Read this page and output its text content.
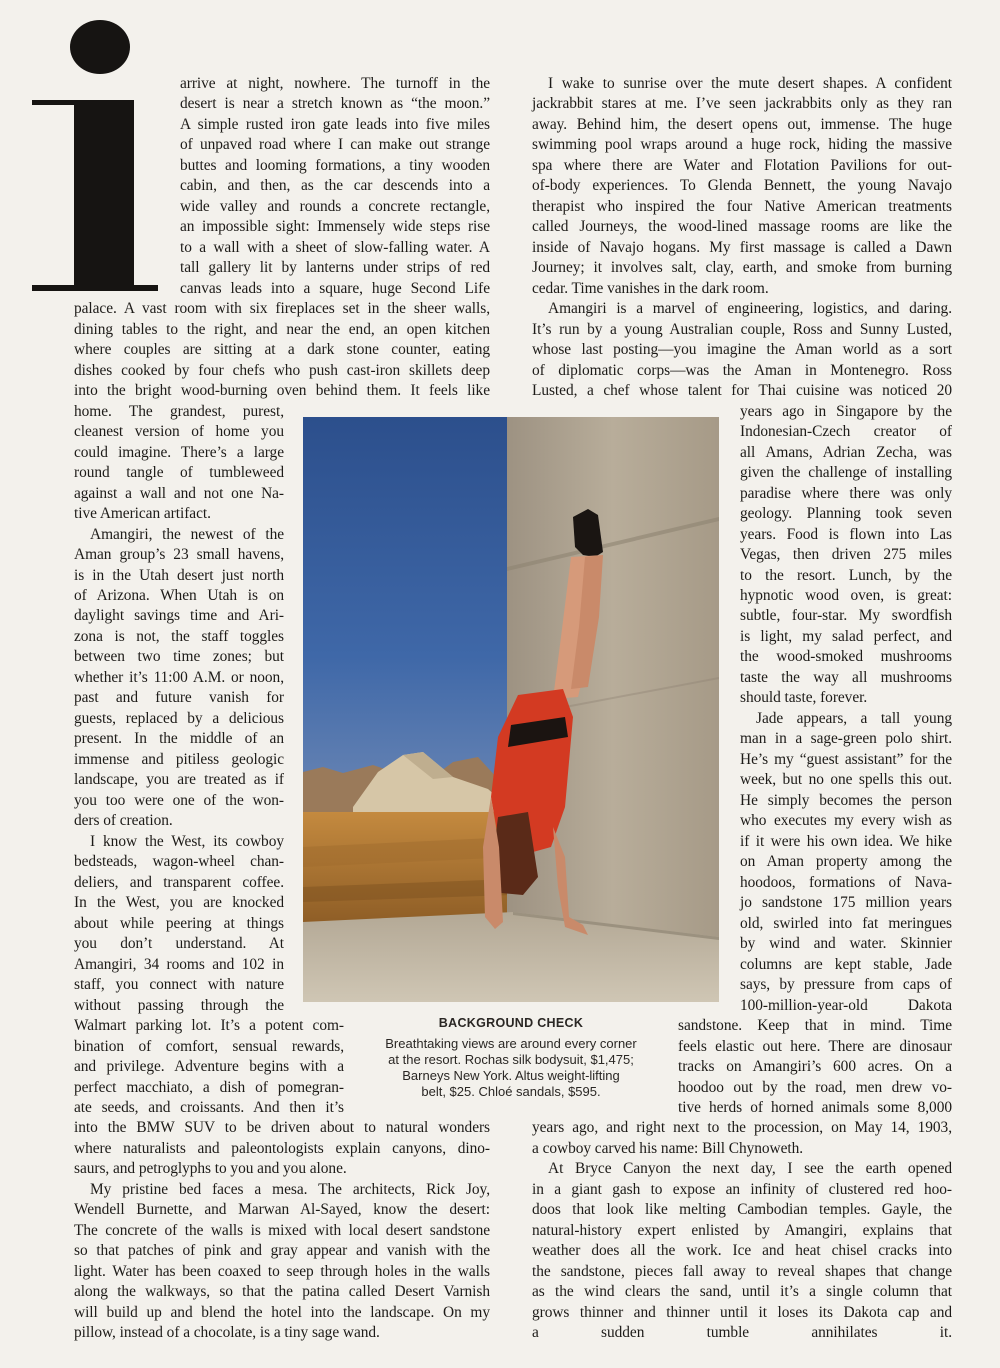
arrive at night, nowhere. The turnoff in the
desert is near a stretch known as “the moon.”
A simple rusted iron gate leads into five miles
of unpaved road where I can make out strange
buttes and looming formations, a tiny wooden
cabin, and then, as the car descends into a
wide valley and rounds a concrete rectangle,
an impossible sight: Immensely wide steps rise
to a wall with a sheet of slow-falling water. A
tall gallery lit by lanterns under strips of red
canvas leads into a square, huge Second Life
palace. A vast room with six fireplaces set in the sheer walls,
dining tables to the right, and near the end, an open kitchen
where couples are sitting at a dark stone counter, eating
dishes cooked by four chefs who push cast-iron skillets deep
into the bright wood-burning oven behind them. It feels like
home. The grandest, purest,
cleanest version of home you
could imagine. There’s a large
round tangle of tumbleweed
against a wall and not one Na-
tive American artifact.
Amangiri, the newest of the
Aman group’s 23 small havens,
is in the Utah desert just north
of Arizona. When Utah is on
daylight savings time and Ari-
zona is not, the staff toggles
between two time zones; but
whether it’s 11:00 A.M. or noon,
past and future vanish for
guests, replaced by a delicious
present. In the middle of an
immense and pitiless geologic
landscape, you are treated as if
you too were one of the won-
ders of creation.
I know the West, its cowboy
bedsteads, wagon-wheel chan-
deliers, and transparent coffee.
In the West, you are knocked
about while peering at things
you don’t understand. At
Amangiri, 34 rooms and 102 in
staff, you connect with nature
without passing through the
Walmart parking lot. It’s a potent com-
bination of comfort, sensual rewards,
and privilege. Adventure begins with a
perfect macchiato, a dish of pomegran-
ate seeds, and croissants. And then it’s
into the BMW SUV to be driven about to natural wonders
where naturalists and paleontologists explain canyons, dino-
saurs, and petroglyphs to you and you alone.
My pristine bed faces a mesa. The architects, Rick Joy,
Wendell Burnette, and Marwan Al-Sayed, know the desert:
The concrete of the walls is mixed with local desert sandstone
so that patches of pink and gray appear and vanish with the
light. Water has been coaxed to seep through holes in the walls
along the walkways, so that the patina called Desert Varnish
will build up and blend the hotel into the landscape. On my
pillow, instead of a chocolate, is a tiny sage wand.
I wake to sunrise over the mute desert shapes. A confident
jackrabbit stares at me. I’ve seen jackrabbits only as they ran
away. Behind him, the desert opens out, immense. The huge
swimming pool wraps around a huge rock, hiding the massive
spa where there are Water and Flotation Pavilions for out-
of-body experiences. To Glenda Bennett, the young Navajo
therapist who inspired the four Native American treatments
called Journeys, the wood-lined massage rooms are like the
inside of Navajo hogans. My first massage is called a Dawn
Journey; it involves salt, clay, earth, and smoke from burning
cedar. Time vanishes in the dark room.
Amangiri is a marvel of engineering, logistics, and daring.
It’s run by a young Australian couple, Ross and Sunny Lusted,
whose last posting—you imagine the Aman world as a sort
of diplomatic corps—was the Aman in Montenegro. Ross
Lusted, a chef whose talent for Thai cuisine was noticed 20
years ago in Singapore by the
Indonesian-Czech creator of
all Amans, Adrian Zecha, was
given the challenge of installing
paradise where there was only
geology. Planning took seven
years. Food is flown into Las
Vegas, then driven 275 miles
to the resort. Lunch, by the
hypnotic wood oven, is great:
subtle, four-star. My swordfish
is light, my salad perfect, and
the wood-smoked mushrooms
taste the way all mushrooms
should taste, forever.
Jade appears, a tall young
man in a sage-green polo shirt.
He’s my “guest assistant” for the
week, but no one spells this out.
He simply becomes the person
who executes my every wish as
if it were his own idea. We hike
on Aman property among the
hoodoos, formations of Nava-
jo sandstone 175 million years
old, swirled into fat meringues
by wind and water. Skinnier
columns are kept stable, Jade
says, by pressure from caps of
100-million-year-old Dakota
sandstone. Keep that in mind. Time
feels elastic out here. There are dinosaur
tracks on Amangiri’s 600 acres. On a
hoodoo out by the road, men drew vo-
tive herds of horned animals some 8,000
years ago, and right next to the procession, on May 14, 1903,
a cowboy carved his name: Bill Chynoweth.
At Bryce Canyon the next day, I see the earth opened
in a giant gash to expose an infinity of clustered red hoo-
doos that look like melting Cambodian temples. Gayle, the
natural-history expert enlisted by Amangiri, explains that
weather does all the work. Ice and heat chisel cracks into
the sandstone, pieces fall away to reveal shapes that change
as the wind clears the sand, until it’s a single column that
grows thinner and thinner until it loses its Dakota cap and
a sudden tumble annihilates it.
BACKGROUND CHECK
Breathtaking views are around every corner
at the resort. Rochas silk bodysuit, $1,475;
Barneys New York. Altus weight-lifting
belt, $25. Chloé sandals, $595.
